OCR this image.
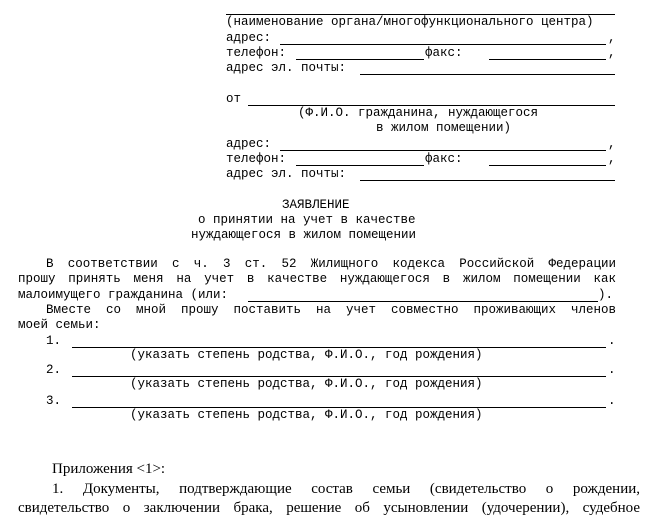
(наименование органа/многофункционального центра)
адрес:	,
телефон:	факс:	,
адрес эл. почты:
от
(Ф.И.О. гражданина, нуждающегося
в жилом помещении)
адрес:	,
телефон:	факс:	,
адрес эл. почты:
ЗАЯВЛЕНИЕ
о принятии на учет в качестве
нуждающегося в жилом помещении
В соответствии с ч. 3 ст. 52 Жилищного кодекса Российской Федерации
прошу принять меня на учет в качестве нуждающегося в жилом помещении как
малоимущего гражданина (или:	).
Вместе со мной прошу поставить на учет совместно проживающих членов
моей семьи:
1.	.
(указать степень родства, Ф.И.О., год рождения)
2.	.
(указать степень родства, Ф.И.О., год рождения)
3.	.
(указать степень родства, Ф.И.О., год рождения)
Приложения <1>:
1. Документы, подтверждающие состав семьи (свидетельство о рождении,
свидетельство о заключении брака, решение об усыновлении (удочерении), судебное
